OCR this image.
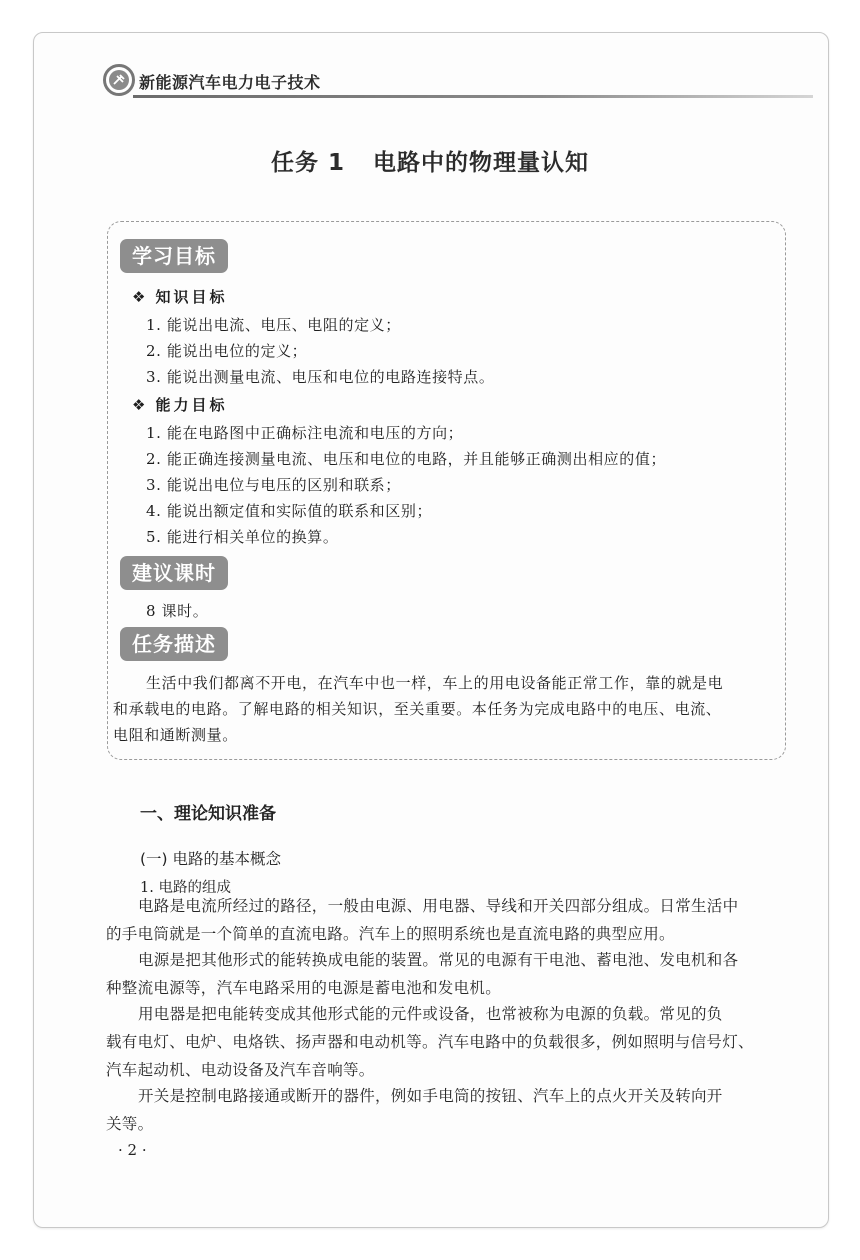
新能源汽车电力电子技术
任务 1 电路中的物理量认知
学习目标
❖ 知识目标
1. 能说出电流、电压、电阻的定义；
2. 能说出电位的定义；
3. 能说出测量电流、电压和电位的电路连接特点。
❖ 能力目标
1. 能在电路图中正确标注电流和电压的方向；
2. 能正确连接测量电流、电压和电位的电路，并且能够正确测出相应的值；
3. 能说出电位与电压的区别和联系；
4. 能说出额定值和实际值的联系和区别；
5. 能进行相关单位的换算。
建议课时
8 课时。
任务描述
生活中我们都离不开电，在汽车中也一样，车上的用电设备能正常工作，靠的就是电
和承载电的电路。了解电路的相关知识，至关重要。本任务为完成电路中的电压、电流、
电阻和通断测量。
一、理论知识准备
(一) 电路的基本概念
1. 电路的组成
电路是电流所经过的路径，一般由电源、用电器、导线和开关四部分组成。日常生活中
的手电筒就是一个简单的直流电路。汽车上的照明系统也是直流电路的典型应用。
电源是把其他形式的能转换成电能的装置。常见的电源有干电池、蓄电池、发电机和各
种整流电源等，汽车电路采用的电源是蓄电池和发电机。
用电器是把电能转变成其他形式能的元件或设备，也常被称为电源的负载。常见的负
载有电灯、电炉、电烙铁、扬声器和电动机等。汽车电路中的负载很多，例如照明与信号灯、
汽车起动机、电动设备及汽车音响等。
开关是控制电路接通或断开的器件，例如手电筒的按钮、汽车上的点火开关及转向开
关等。
· 2 ·
